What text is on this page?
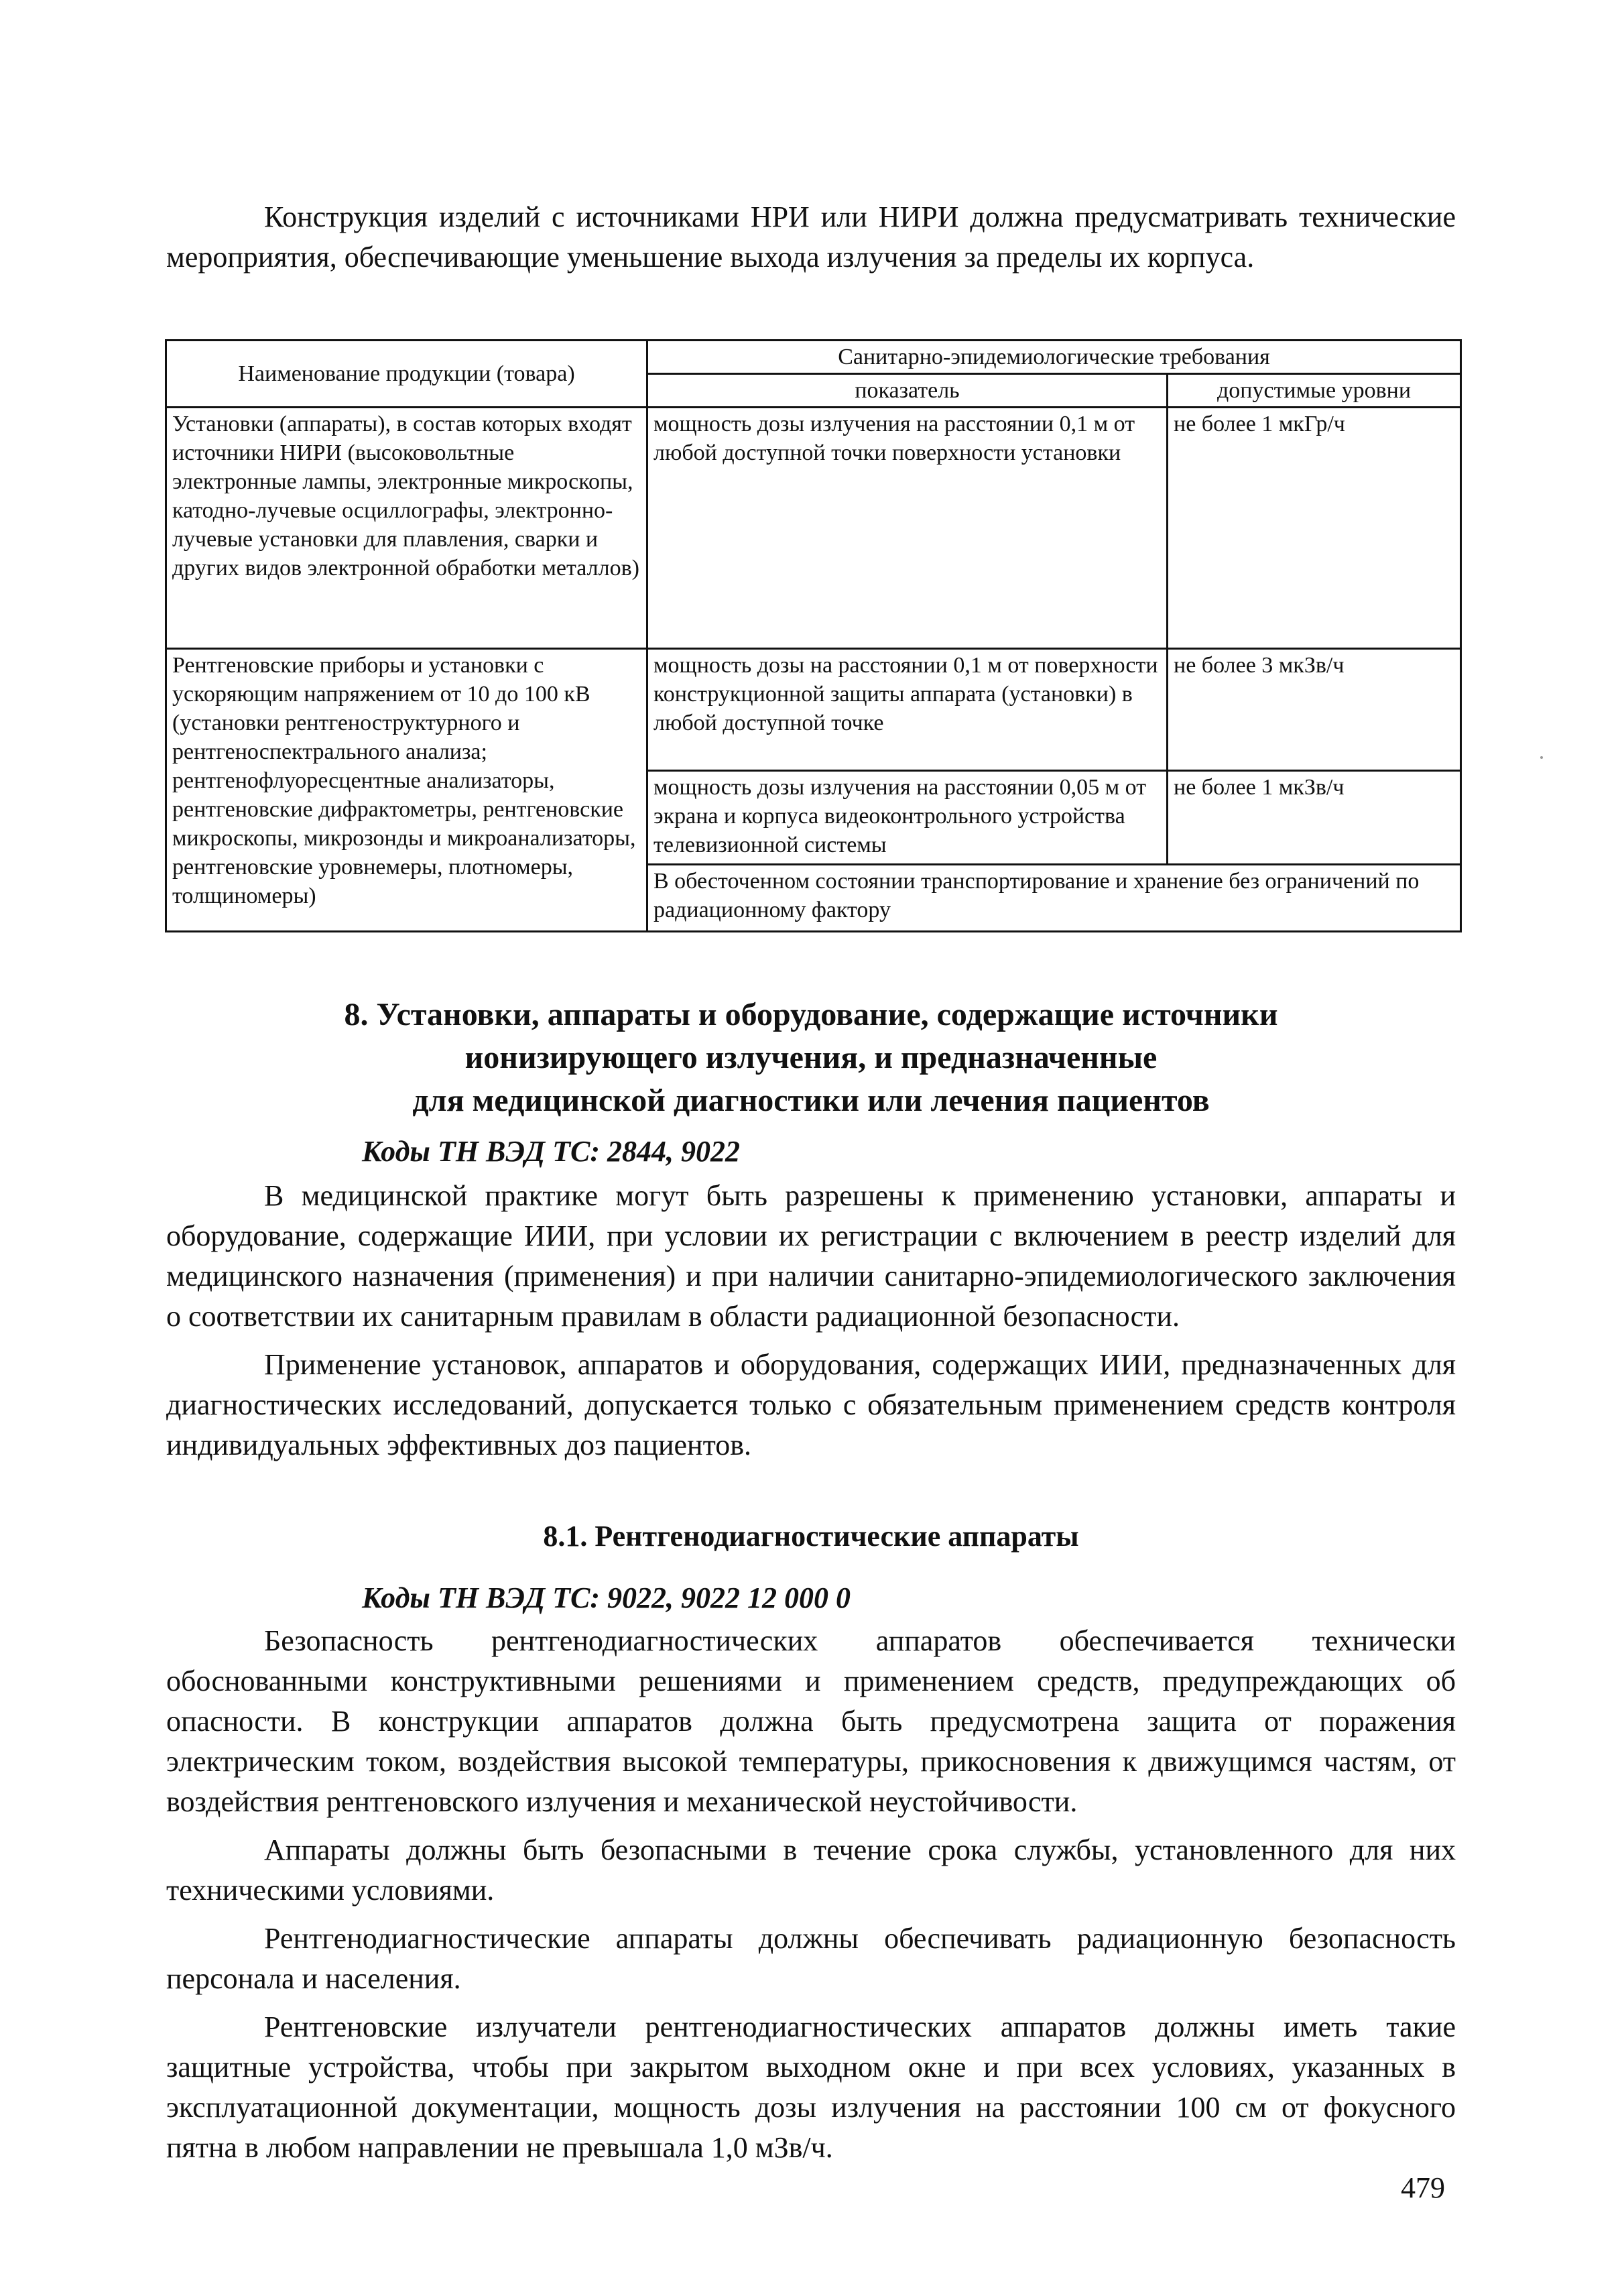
Конструкция изделий с источниками НРИ или НИРИ должна предусматривать технические мероприятия, обеспечивающие уменьшение выхода излучения за пределы их корпуса.

Наименование продукции (товара)	Санитарно-эпидемиологические требования	
	показатель	допустимые уровни
Установки (аппараты), в состав которых входят источники НИРИ (высоковольтные электронные лампы, электронные микроскопы, катодно-лучевые осциллографы, электронно-лучевые установки для плавления, сварки и других видов электронной обработки металлов)	мощность дозы излучения на расстоянии 0,1 м от любой доступной точки поверхности установки	не более 1 мкГр/ч
Рентгеновские приборы и установки с ускоряющим напряжением от 10 до 100 кВ (установки рентгеноструктурного и рентгеноспектрального анализа; рентгенофлуоресцентные анализаторы, рентгеновские дифрактометры, рентгеновские микроскопы, микрозонды и микроанализаторы, рентгеновские уровнемеры, плотномеры, толщиномеры)	мощность дозы на расстоянии 0,1 м от поверхности конструкционной защиты аппарата (установки) в любой доступной точке	не более 3 мкЗв/ч
	мощность дозы излучения на расстоянии 0,05 м от экрана и корпуса видеоконтрольного устройства телевизионной системы	не более 1 мкЗв/ч
	В обесточенном состоянии транспортирование и хранение без ограничений по радиационному фактору	
8. Установки, аппараты и оборудование, содержащие источники
ионизирующего излучения, и предназначенные
для медицинской диагностики или лечения пациентов

Коды ТН ВЭД ТС: 2844, 9022

В медицинской практике могут быть разрешены к применению установки, аппараты и оборудование, содержащие ИИИ, при условии их регистрации с включением в реестр изделий для медицинского назначения (применения) и при наличии санитарно-эпидемиологического заключения о соответствии их санитарным правилам в области радиационной безопасности.

Применение установок, аппаратов и оборудования, содержащих ИИИ, предназначенных для диагностических исследований, допускается только с обязательным применением средств контроля индивидуальных эффективных доз пациентов.

8.1. Рентгенодиагностические аппараты

Коды ТН ВЭД ТС: 9022, 9022 12 000 0

Безопасность рентгенодиагностических аппаратов обеспечивается технически обоснованными конструктивными решениями и применением средств, предупреждающих об опасности. В конструкции аппаратов должна быть предусмотрена защита от поражения электрическим током, воздействия высокой температуры, прикосновения к движущимся частям, от воздействия рентгеновского излучения и механической неустойчивости.

Аппараты должны быть безопасными в течение срока службы, установленного для них техническими условиями.

Рентгенодиагностические аппараты должны обеспечивать радиационную безопасность персонала и населения.

Рентгеновские излучатели рентгенодиагностических аппаратов должны иметь такие защитные устройства, чтобы при закрытом выходном окне и при всех условиях, указанных в эксплуатационной документации, мощность дозы излучения на расстоянии 100 см от фокусного пятна в любом направлении не превышала 1,0 мЗв/ч.

479
